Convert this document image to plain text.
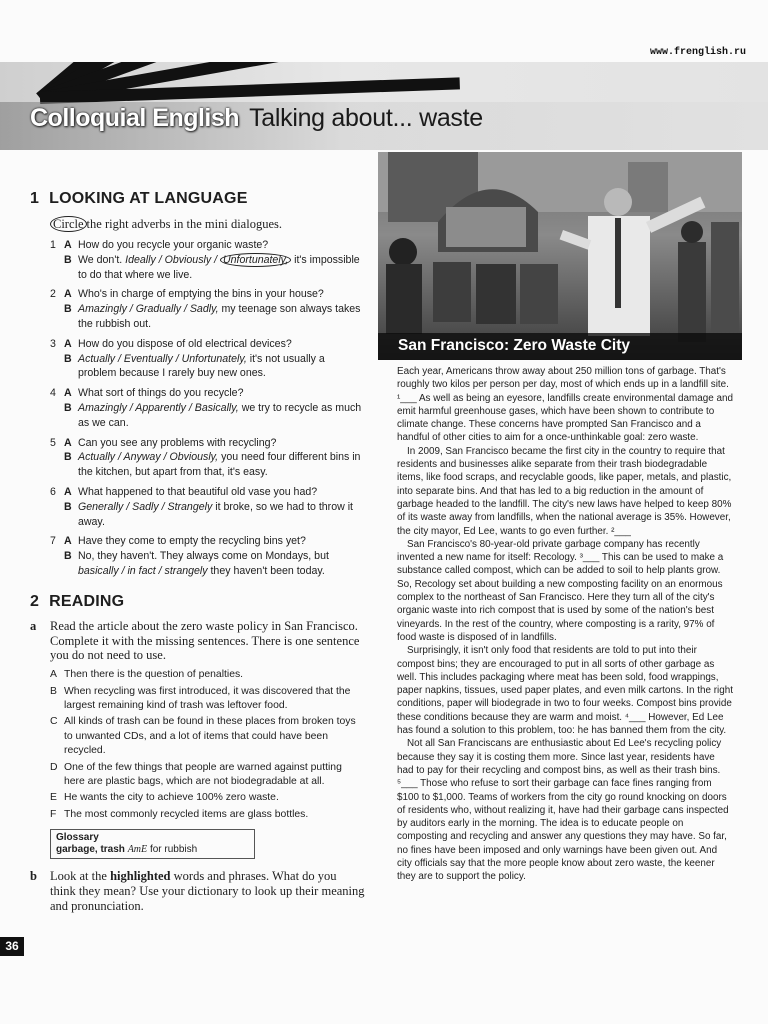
www.frenglish.ru
Colloquial English Talking about... waste
1 LOOKING AT LANGUAGE
Circle the right adverbs in the mini dialogues.
1 A How do you recycle your organic waste?
B We don't. Ideally / Obviously / Unfortunately, it's impossible to do that where we live.
2 A Who's in charge of emptying the bins in your house?
B Amazingly / Gradually / Sadly, my teenage son always takes the rubbish out.
3 A How do you dispose of old electrical devices?
B Actually / Eventually / Unfortunately, it's not usually a problem because I rarely buy new ones.
4 A What sort of things do you recycle?
B Amazingly / Apparently / Basically, we try to recycle as much as we can.
5 A Can you see any problems with recycling?
B Actually / Anyway / Obviously, you need four different bins in the kitchen, but apart from that, it's easy.
6 A What happened to that beautiful old vase you had?
B Generally / Sadly / Strangely it broke, so we had to throw it away.
7 A Have they come to empty the recycling bins yet?
B No, they haven't. They always come on Mondays, but basically / in fact / strangely they haven't been today.
2 READING
a	Read the article about the zero waste policy in San Francisco. Complete it with the missing sentences. There is one sentence you do not need to use.
A Then there is the question of penalties.
B When recycling was first introduced, it was discovered that the largest remaining kind of trash was leftover food.
C All kinds of trash can be found in these places from broken toys to unwanted CDs, and a lot of items that could have been recycled.
D One of the few things that people are warned against putting here are plastic bags, which are not biodegradable at all.
E He wants the city to achieve 100% zero waste.
F The most commonly recycled items are glass bottles.
Glossary
garbage, trash AmE for rubbish
b	Look at the highlighted words and phrases. What do you think they mean? Use your dictionary to look up their meaning and pronunciation.
36
San Francisco: Zero Waste City

Each year, Americans throw away about 250 million tons of garbage. That's roughly two kilos per person per day, most of which ends up in a landfill site. ¹___ As well as being an eyesore, landfills create environmental damage and emit harmful greenhouse gases, which have been shown to contribute to climate change. These concerns have prompted San Francisco and a handful of other cities to aim for a once-unthinkable goal: zero waste.

In 2009, San Francisco became the first city in the country to require that residents and businesses alike separate from their trash biodegradable items, like food scraps, and recyclable goods, like paper, metals, and plastic, into separate bins. And that has led to a big reduction in the amount of garbage headed to the landfill. The city's new laws have helped to keep 80% of its waste away from landfills, when the national average is 35%. However, the city mayor, Ed Lee, wants to go even further. ²___

San Francisco's 80-year-old private garbage company has recently invented a new name for itself: Recology. ³___ This can be used to make a substance called compost, which can be added to soil to help plants grow. So, Recology set about building a new composting facility on an enormous complex to the northeast of San Francisco. Here they turn all of the city's organic waste into rich compost that is used by some of the nation's best vineyards. In the rest of the country, where composting is a rarity, 97% of food waste is disposed of in landfills.

Surprisingly, it isn't only food that residents are told to put into their compost bins; they are encouraged to put in all sorts of other garbage as well. This includes packaging where meat has been sold, food wrappings, paper napkins, tissues, used paper plates, and even milk cartons. In the right conditions, paper will biodegrade in two to four weeks. Compost bins provide these conditions because they are warm and moist. ⁴___ However, Ed Lee has found a solution to this problem, too: he has banned them from the city.

Not all San Franciscans are enthusiastic about Ed Lee's recycling policy because they say it is costing them more. Since last year, residents have had to pay for their recycling and compost bins, as well as their trash bins. ⁵___ Those who refuse to sort their garbage can face fines ranging from $100 to $1,000. Teams of workers from the city go round knocking on doors of residents who, without realizing it, have had their garbage cans inspected by auditors early in the morning. The idea is to educate people on composting and recycling and answer any questions they may have. So far, no fines have been imposed and only warnings have been given out. And city officials say that the more people know about zero waste, the keener they are to support the policy.
